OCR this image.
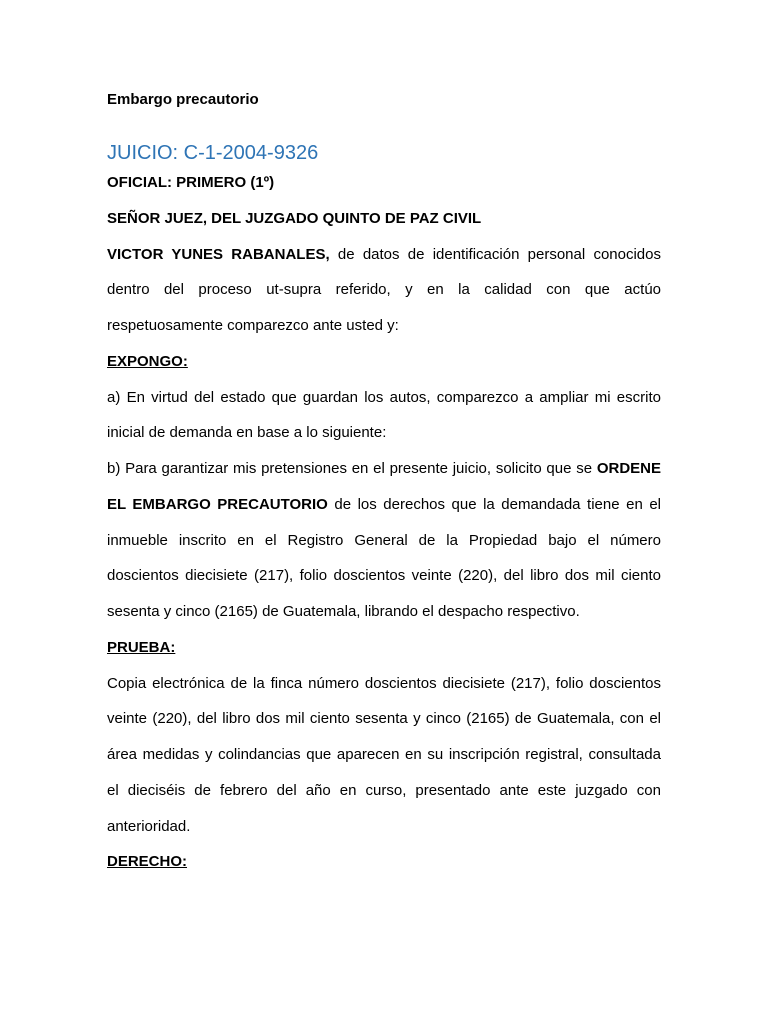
Embargo precautorio
JUICIO: C-1-2004-9326

OFICIAL: PRIMERO (1º)

SEÑOR JUEZ, DEL JUZGADO QUINTO DE PAZ CIVIL

VICTOR YUNES RABANALES, de datos de identificación personal conocidos dentro del proceso ut-supra referido, y en la calidad con que actúo respetuosamente comparezco ante usted y:

EXPONGO:

a) En virtud del estado que guardan los autos, comparezco a ampliar mi escrito inicial de demanda en base a lo siguiente:

b) Para garantizar mis pretensiones en el presente juicio, solicito que se ORDENE EL EMBARGO PRECAUTORIO de los derechos que la demandada tiene en el inmueble inscrito en el Registro General de la Propiedad bajo el número doscientos diecisiete (217), folio doscientos veinte (220), del libro dos mil ciento sesenta y cinco (2165) de Guatemala, librando el despacho respectivo.

PRUEBA:

Copia electrónica de la finca número doscientos diecisiete (217), folio doscientos veinte (220), del libro dos mil ciento sesenta y cinco (2165) de Guatemala, con el área medidas y colindancias que aparecen en su inscripción registral, consultada el dieciséis de febrero del año en curso, presentado ante este juzgado con anterioridad.

DERECHO:
